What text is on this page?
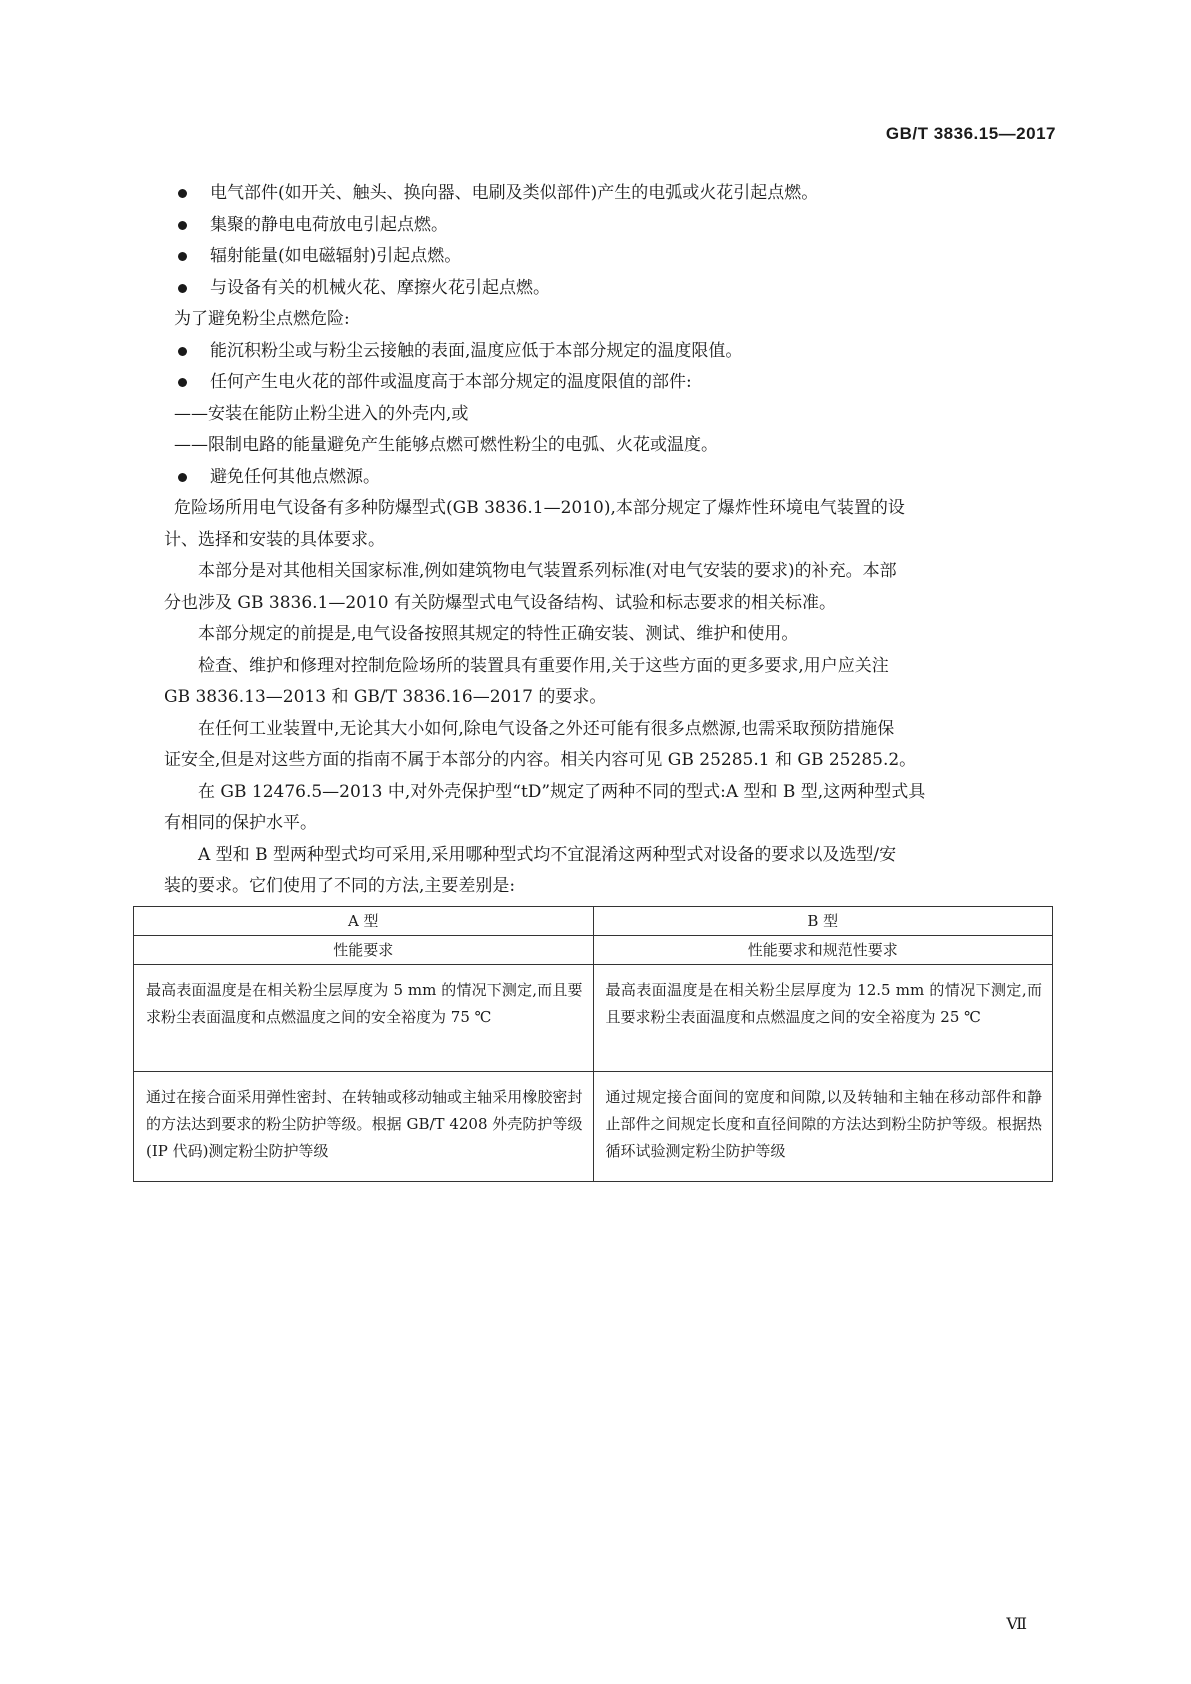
GB/T 3836.15—2017
电气部件(如开关、触头、换向器、电刷及类似部件)产生的电弧或火花引起点燃。
集聚的静电电荷放电引起点燃。
辐射能量(如电磁辐射)引起点燃。
与设备有关的机械火花、摩擦火花引起点燃。
为了避免粉尘点燃危险:
能沉积粉尘或与粉尘云接触的表面,温度应低于本部分规定的温度限值。
任何产生电火花的部件或温度高于本部分规定的温度限值的部件:
——安装在能防止粉尘进入的外壳内,或
——限制电路的能量避免产生能够点燃可燃性粉尘的电弧、火花或温度。
避免任何其他点燃源。
危险场所用电气设备有多种防爆型式(GB 3836.1—2010),本部分规定了爆炸性环境电气装置的设
计、选择和安装的具体要求。
　　本部分是对其他相关国家标准,例如建筑物电气装置系列标准(对电气安装的要求)的补充。本部
分也涉及 GB 3836.1—2010 有关防爆型式电气设备结构、试验和标志要求的相关标准。
　　本部分规定的前提是,电气设备按照其规定的特性正确安装、测试、维护和使用。
　　检查、维护和修理对控制危险场所的装置具有重要作用,关于这些方面的更多要求,用户应关注
GB 3836.13—2013 和 GB/T 3836.16—2017 的要求。
　　在任何工业装置中,无论其大小如何,除电气设备之外还可能有很多点燃源,也需采取预防措施保
证安全,但是对这些方面的指南不属于本部分的内容。相关内容可见 GB 25285.1 和 GB 25285.2。
　　在 GB 12476.5—2013 中,对外壳保护型“tD”规定了两种不同的型式:A 型和 B 型,这两种型式具
有相同的保护水平。
　　A 型和 B 型两种型式均可采用,采用哪种型式均不宜混淆这两种型式对设备的要求以及选型/安
装的要求。它们使用了不同的方法,主要差别是:
A 型	B 型
性能要求	性能要求和规范性要求
最高表面温度是在相关粉尘层厚度为 5 mm 的情况下测定,而且要求粉尘表面温度和点燃温度之间的安全裕度为 75 ℃	最高表面温度是在相关粉尘层厚度为 12.5 mm 的情况下测定,而且要求粉尘表面温度和点燃温度之间的安全裕度为 25 ℃
通过在接合面采用弹性密封、在转轴或移动轴或主轴采用橡胶密封的方法达到要求的粉尘防护等级。根据 GB/T 4208 外壳防护等级(IP 代码)测定粉尘防护等级	通过规定接合面间的宽度和间隙,以及转轴和主轴在移动部件和静止部件之间规定长度和直径间隙的方法达到粉尘防护等级。根据热循环试验测定粉尘防护等级
Ⅶ
